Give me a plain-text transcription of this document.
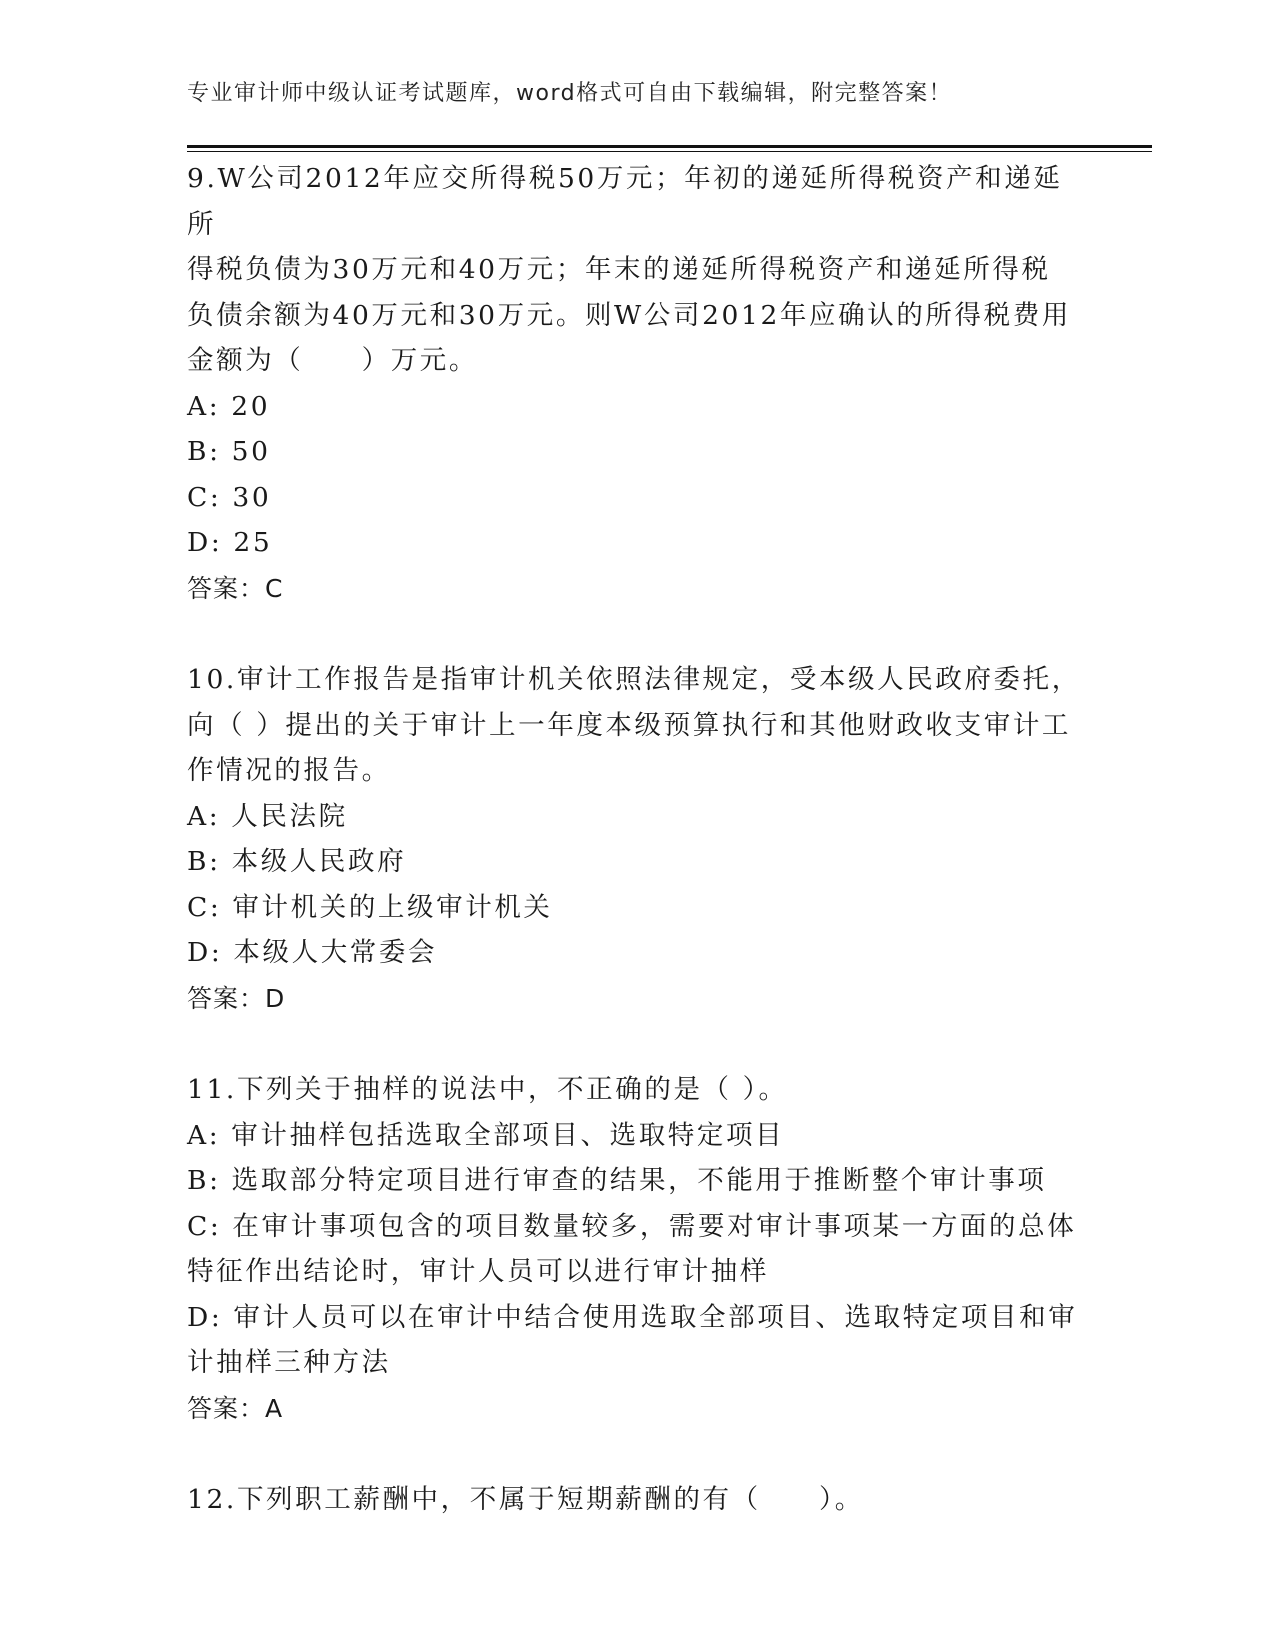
专业审计师中级认证考试题库，word格式可自由下载编辑，附完整答案！
9.W公司2012年应交所得税50万元；年初的递延所得税资产和递延所
得税负债为30万元和40万元；年末的递延所得税资产和递延所得税
负债余额为40万元和30万元。则W公司2012年应确认的所得税费用
金额为（　　）万元。
A: 20
B: 50
C: 30
D: 25
答案：C
10.审计工作报告是指审计机关依照法律规定，受本级人民政府委托，
向（ ）提出的关于审计上一年度本级预算执行和其他财政收支审计工
作情况的报告。
A: 人民法院
B: 本级人民政府
C: 审计机关的上级审计机关
D: 本级人大常委会
答案：D
11.下列关于抽样的说法中，不正确的是（ ）。
A: 审计抽样包括选取全部项目、选取特定项目
B: 选取部分特定项目进行审查的结果，不能用于推断整个审计事项
C: 在审计事项包含的项目数量较多，需要对审计事项某一方面的总体
特征作出结论时，审计人员可以进行审计抽样
D: 审计人员可以在审计中结合使用选取全部项目、选取特定项目和审
计抽样三种方法
答案：A
12.下列职工薪酬中，不属于短期薪酬的有（　　）。
